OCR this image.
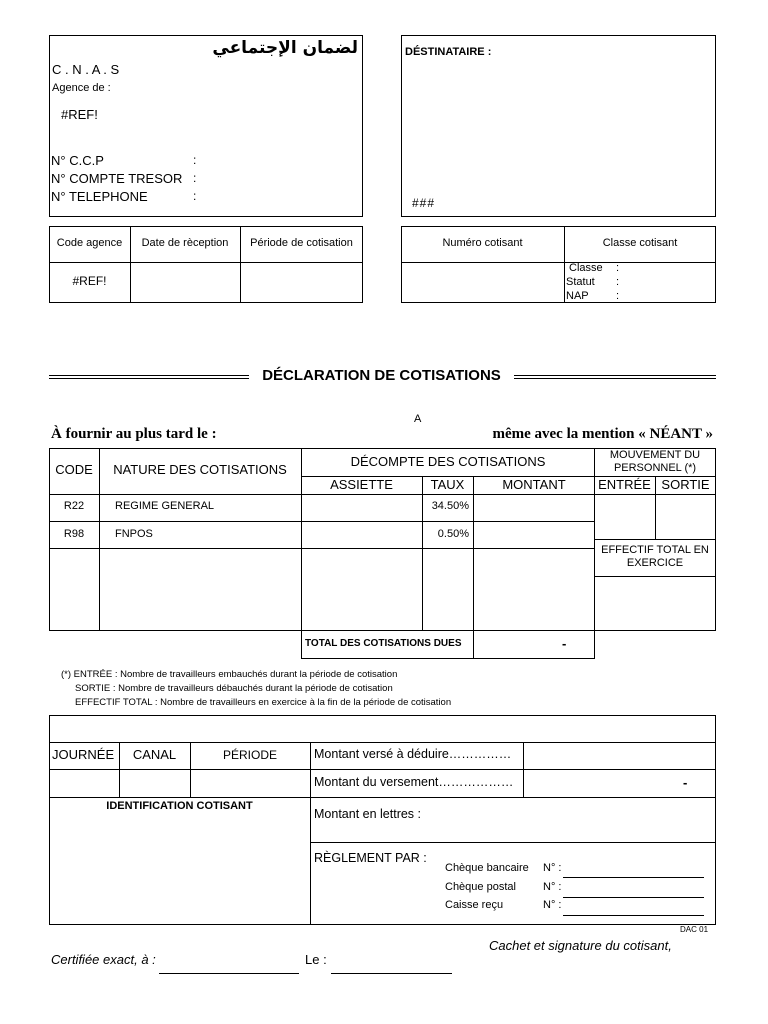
لضمان الإجتماعي
C . N . A . S
Agence de :
#REF!
N° C.C.P	:
N° COMPTE TRESOR :
N° TELEPHONE	:
DÉSTINATAIRE :
###
Code agence	Date de rèception	Période de cotisation
#REF!
Numéro cotisant	Classe cotisant
Classe :
Statut :
NAP :
DÉCLARATION DE COTISATIONS
A
À fournir au plus tard le :	même avec la mention « NÉANT »
CODE	NATURE DES COTISATIONS
DÉCOMPTE DES COTISATIONS
ASSIETTE	TAUX	MONTANT
R22	REGIME GENERAL	34.50%
R98	FNPOS	0.50%
TOTAL DES COTISATIONS DUES	-
MOUVEMENT DU PERSONNEL (*)
ENTRÉE SORTIE
EFFECTIF TOTAL EN EXERCICE
(*) ENTRÉE : Nombre de travailleurs embauchés durant la période de cotisation
SORTIE : Nombre de travailleurs débauchés durant la période de cotisation
EFFECTIF TOTAL : Nombre de travailleurs en exercice à la fin de la période de cotisation
JOURNÉE	CANAL	PÉRIODE	Montant versé à déduire……………
Montant du versement………………	-
IDENTIFICATION COTISANT
Montant en lettres :
RÈGLEMENT PAR :
Chèque bancaire N° :
Chèque postal N° :
Caisse reçu	N° :
DAC 01
Cachet et signature du cotisant,
Certifiée exact, à :	Le :
